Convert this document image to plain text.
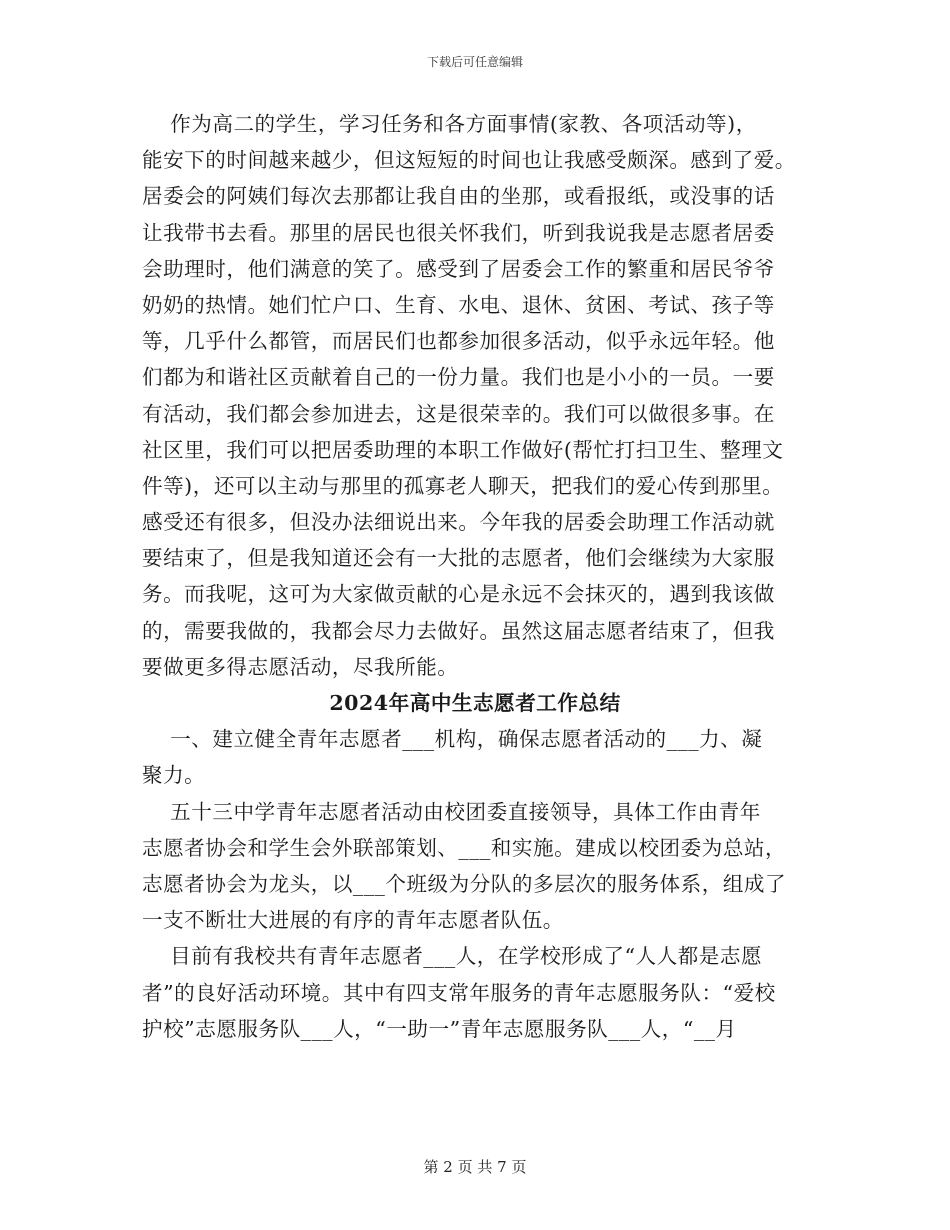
下载后可任意编辑
作为高二的学生，学习任务和各方面事情(家教、各项活动等)，
能安下的时间越来越少，但这短短的时间也让我感受颇深。感到了爱。
居委会的阿姨们每次去那都让我自由的坐那，或看报纸，或没事的话
让我带书去看。那里的居民也很关怀我们，听到我说我是志愿者居委
会助理时，他们满意的笑了。感受到了居委会工作的繁重和居民爷爷
奶奶的热情。她们忙户口、生育、水电、退休、贫困、考试、孩子等
等，几乎什么都管，而居民们也都参加很多活动，似乎永远年轻。他
们都为和谐社区贡献着自己的一份力量。我们也是小小的一员。一要
有活动，我们都会参加进去，这是很荣幸的。我们可以做很多事。在
社区里，我们可以把居委助理的本职工作做好(帮忙打扫卫生、整理文
件等)，还可以主动与那里的孤寡老人聊天，把我们的爱心传到那里。
感受还有很多，但没办法细说出来。今年我的居委会助理工作活动就
要结束了，但是我知道还会有一大批的志愿者，他们会继续为大家服
务。而我呢，这可为大家做贡献的心是永远不会抹灭的，遇到我该做
的，需要我做的，我都会尽力去做好。虽然这届志愿者结束了，但我
要做更多得志愿活动，尽我所能。
2024年高中生志愿者工作总结
一、建立健全青年志愿者___机构，确保志愿者活动的___力、凝
聚力。
五十三中学青年志愿者活动由校团委直接领导，具体工作由青年
志愿者协会和学生会外联部策划、___和实施。建成以校团委为总站，
志愿者协会为龙头，以___个班级为分队的多层次的服务体系，组成了
一支不断壮大进展的有序的青年志愿者队伍。
目前有我校共有青年志愿者___人，在学校形成了“人人都是志愿
者”的良好活动环境。其中有四支常年服务的青年志愿服务队：“爱校
护校”志愿服务队___人，“一助一”青年志愿服务队___人，“__月
第 2 页 共 7 页
